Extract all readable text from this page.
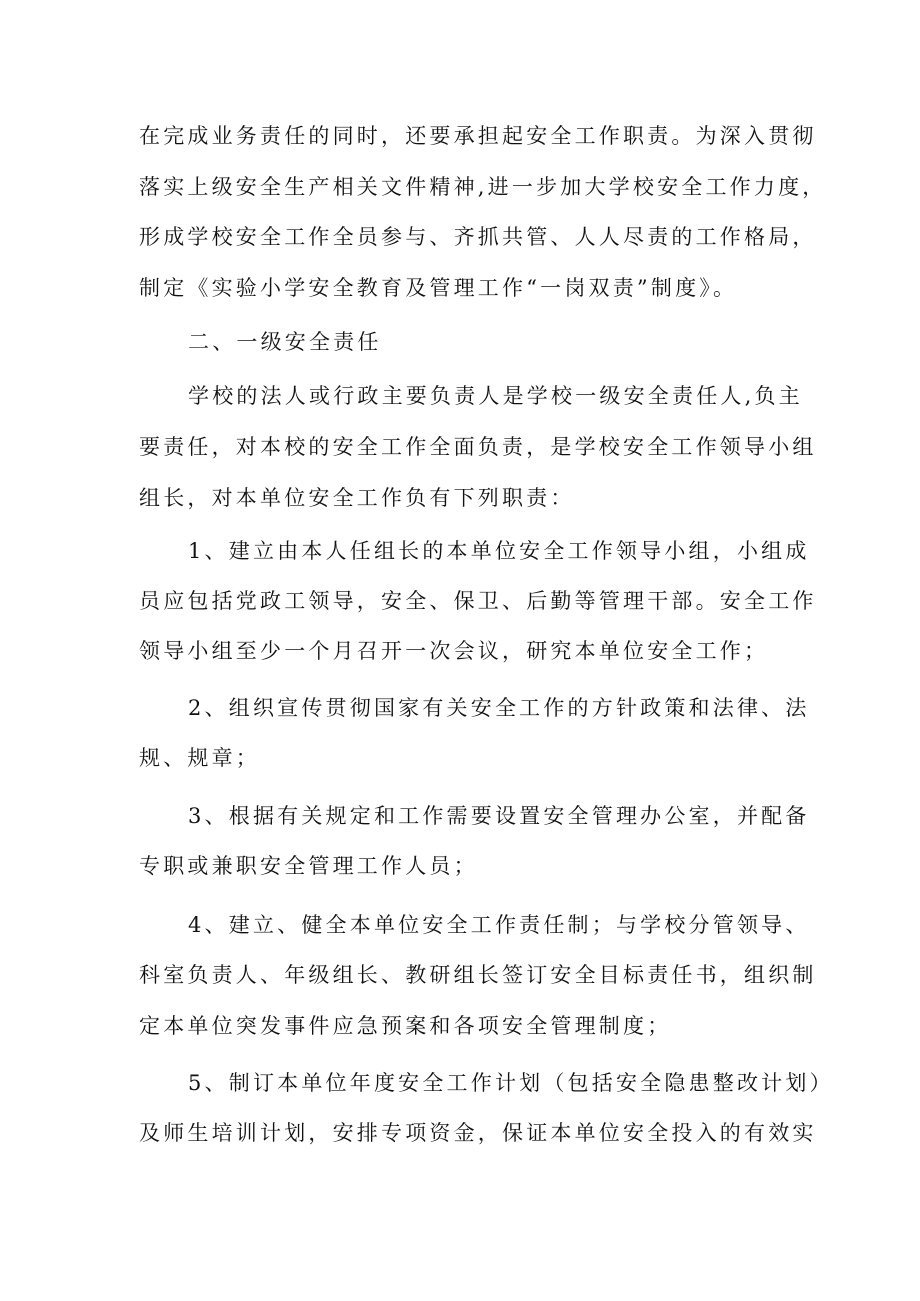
在完成业务责任的同时，还要承担起安全工作职责。为深入贯彻
落实上级安全生产相关文件精神,进一步加大学校安全工作力度，
形成学校安全工作全员参与、齐抓共管、人人尽责的工作格局，
制定《实验小学安全教育及管理工作“一岗双责”制度》。
二、一级安全责任
学校的法人或行政主要负责人是学校一级安全责任人,负主
要责任，对本校的安全工作全面负责，是学校安全工作领导小组
组长，对本单位安全工作负有下列职责：
1、建立由本人任组长的本单位安全工作领导小组，小组成
员应包括党政工领导，安全、保卫、后勤等管理干部。安全工作
领导小组至少一个月召开一次会议，研究本单位安全工作；
2、组织宣传贯彻国家有关安全工作的方针政策和法律、法
规、规章；
3、根据有关规定和工作需要设置安全管理办公室，并配备
专职或兼职安全管理工作人员；
4、建立、健全本单位安全工作责任制；与学校分管领导、
科室负责人、年级组长、教研组长签订安全目标责任书，组织制
定本单位突发事件应急预案和各项安全管理制度；
5、制订本单位年度安全工作计划（包括安全隐患整改计划）
及师生培训计划，安排专项资金，保证本单位安全投入的有效实
